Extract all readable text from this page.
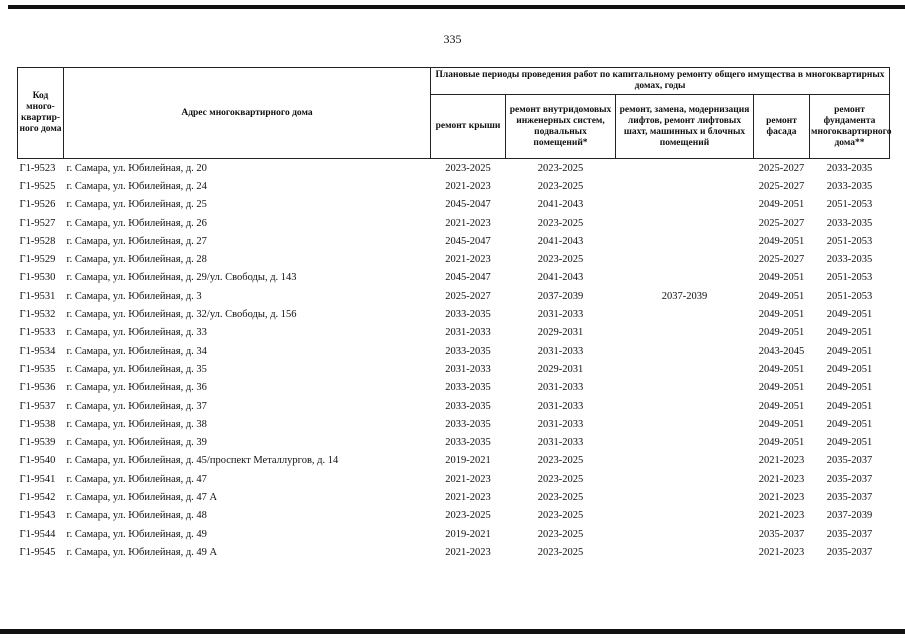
335
Код много-квартир-ного дома	Адрес многоквартирного дома	Плановые периоды проведения работ по капитальному ремонту общего имущества в многоквартирных домах, годы				
		ремонт крыши	ремонт внутридомовых инженерных систем, подвальных помещений*	ремонт, замена, модернизация лифтов, ремонт лифтовых шахт, машинных и блочных помещений	ремонт фасада	ремонт фундамента многоквартирного дома**
Г1-9523	г. Самара, ул. Юбилейная, д. 20	2023-2025	2023-2025		2025-2027	2033-2035
Г1-9525	г. Самара, ул. Юбилейная, д. 24	2021-2023	2023-2025		2025-2027	2033-2035
Г1-9526	г. Самара, ул. Юбилейная, д. 25	2045-2047	2041-2043		2049-2051	2051-2053
Г1-9527	г. Самара, ул. Юбилейная, д. 26	2021-2023	2023-2025		2025-2027	2033-2035
Г1-9528	г. Самара, ул. Юбилейная, д. 27	2045-2047	2041-2043		2049-2051	2051-2053
Г1-9529	г. Самара, ул. Юбилейная, д. 28	2021-2023	2023-2025		2025-2027	2033-2035
Г1-9530	г. Самара, ул. Юбилейная, д. 29/ул. Свободы, д. 143	2045-2047	2041-2043		2049-2051	2051-2053
Г1-9531	г. Самара, ул. Юбилейная, д. 3	2025-2027	2037-2039	2037-2039	2049-2051	2051-2053
Г1-9532	г. Самара, ул. Юбилейная, д. 32/ул. Свободы, д. 156	2033-2035	2031-2033		2049-2051	2049-2051
Г1-9533	г. Самара, ул. Юбилейная, д. 33	2031-2033	2029-2031		2049-2051	2049-2051
Г1-9534	г. Самара, ул. Юбилейная, д. 34	2033-2035	2031-2033		2043-2045	2049-2051
Г1-9535	г. Самара, ул. Юбилейная, д. 35	2031-2033	2029-2031		2049-2051	2049-2051
Г1-9536	г. Самара, ул. Юбилейная, д. 36	2033-2035	2031-2033		2049-2051	2049-2051
Г1-9537	г. Самара, ул. Юбилейная, д. 37	2033-2035	2031-2033		2049-2051	2049-2051
Г1-9538	г. Самара, ул. Юбилейная, д. 38	2033-2035	2031-2033		2049-2051	2049-2051
Г1-9539	г. Самара, ул. Юбилейная, д. 39	2033-2035	2031-2033		2049-2051	2049-2051
Г1-9540	г. Самара, ул. Юбилейная, д. 45/проспект Металлургов, д. 14	2019-2021	2023-2025		2021-2023	2035-2037
Г1-9541	г. Самара, ул. Юбилейная, д. 47	2021-2023	2023-2025		2021-2023	2035-2037
Г1-9542	г. Самара, ул. Юбилейная, д. 47 А	2021-2023	2023-2025		2021-2023	2035-2037
Г1-9543	г. Самара, ул. Юбилейная, д. 48	2023-2025	2023-2025		2021-2023	2037-2039
Г1-9544	г. Самара, ул. Юбилейная, д. 49	2019-2021	2023-2025		2035-2037	2035-2037
Г1-9545	г. Самара, ул. Юбилейная, д. 49 А	2021-2023	2023-2025		2021-2023	2035-2037
